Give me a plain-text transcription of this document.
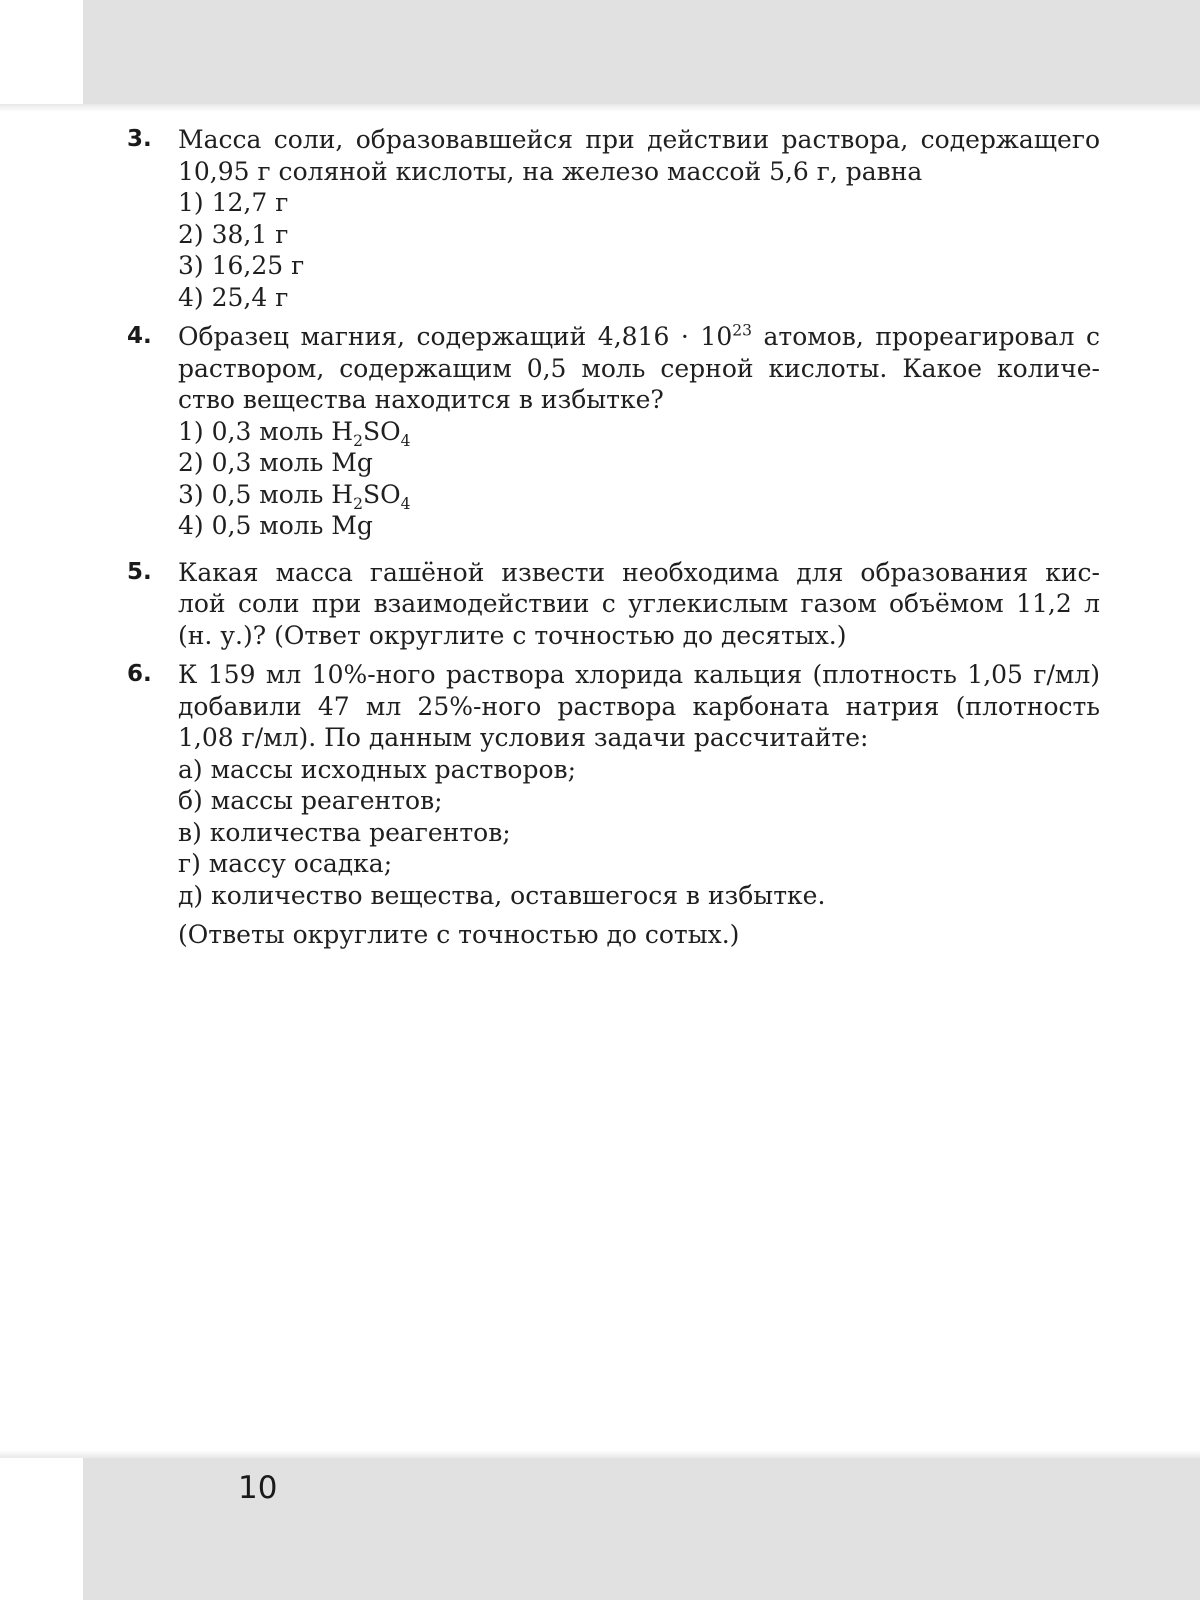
3. Масса соли, образовавшейся при действии раствора, содержащего
10,95 г соляной кислоты, на железо массой 5,6 г, равна
1) 12,7 г
2) 38,1 г
3) 16,25 г
4) 25,4 г
4. Образец магния, содержащий $4,816 \cdot 10^{23}$ атомов, прореагировал с
раствором, содержащим 0,5 моль серной кислоты. Какое количе-
ство вещества находится в избытке?
1) 0,3 моль $H_2SO_4$
2) 0,3 моль Mg
3) 0,5 моль $H_2SO_4$
4) 0,5 моль Mg
5. Какая масса гашёной извести необходима для образования кис-
лой соли при взаимодействии с углекислым газом объёмом 11,2 л
(н. у.)? (Ответ округлите с точностью до десятых.)
6. К 159 мл 10%-ного раствора хлорида кальция (плотность 1,05 г/мл)
добавили 47 мл 25%-ного раствора карбоната натрия (плотность
1,08 г/мл). По данным условия задачи рассчитайте:
а) массы исходных растворов;
б) массы реагентов;
в) количества реагентов;
г) массу осадка;
д) количество вещества, оставшегося в избытке.
(Ответы округлите с точностью до сотых.)
10
